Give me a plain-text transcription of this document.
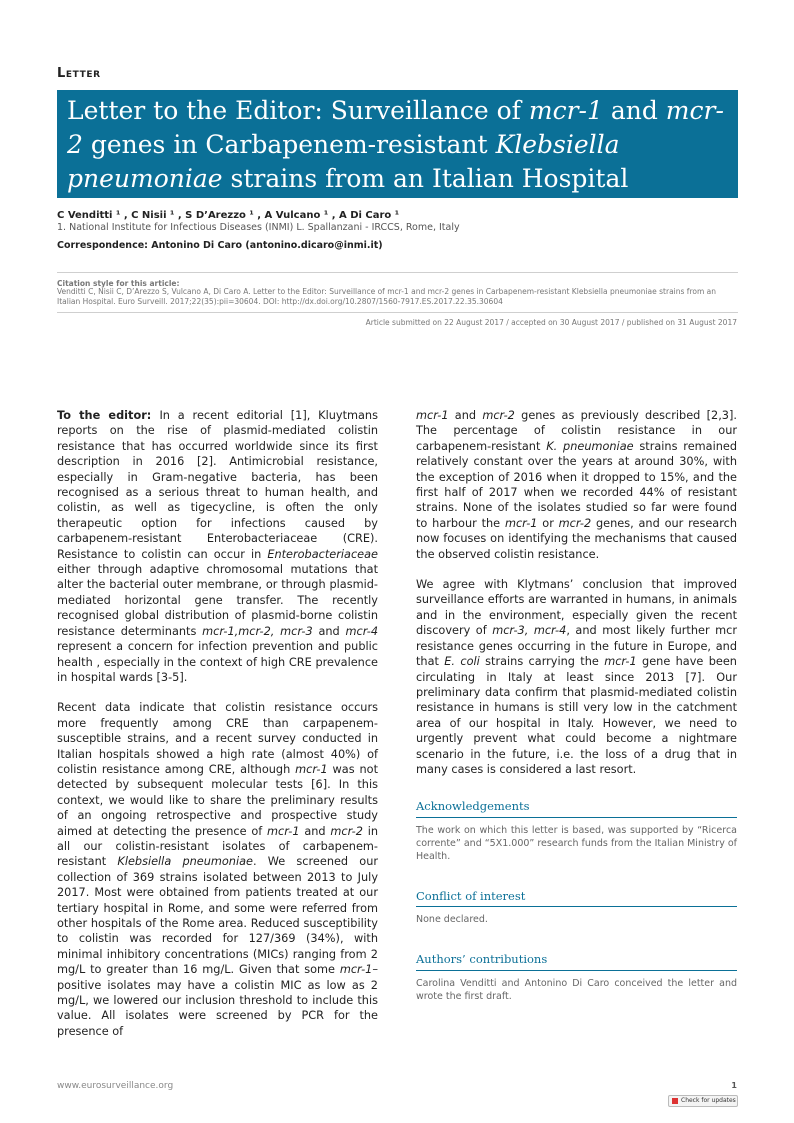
Letter
Letter to the Editor: Surveillance of mcr-1 and mcr-2 genes in Carbapenem-resistant Klebsiella pneumoniae strains from an Italian Hospital
C Venditti ¹ , C Nisii ¹ , S D’Arezzo ¹ , A Vulcano ¹ , A Di Caro ¹
1. National Institute for Infectious Diseases (INMI) L. Spallanzani - IRCCS, Rome, Italy
Correspondence: Antonino Di Caro (antonino.dicaro@inmi.it)
Citation style for this article:
Venditti C, Nisii C, D’Arezzo S, Vulcano A, Di Caro A. Letter to the Editor: Surveillance of mcr-1 and mcr-2 genes in Carbapenem-resistant Klebsiella pneumoniae strains from an Italian Hospital. Euro Surveill. 2017;22(35):pii=30604. DOI: http://dx.doi.org/10.2807/1560-7917.ES.2017.22.35.30604
Article submitted on 22 August 2017 / accepted on 30 August 2017 / published on 31 August 2017

To the editor: In a recent editorial [1], Kluytmans reports on the rise of plasmid-mediated colistin resistance that has occurred worldwide since its first description in 2016 [2]. Antimicrobial resistance, especially in Gram-negative bacteria, has been recognised as a serious threat to human health, and colistin, as well as tigecycline, is often the only therapeutic option for infections caused by carbapenem-resistant Enterobacteriaceae (CRE). Resistance to colistin can occur in Enterobacteriaceae either through adaptive chromosomal mutations that alter the bacterial outer membrane, or through plasmid-mediated horizontal gene transfer. The recently recognised global distribution of plasmid-borne colistin resistance determinants mcr-1,mcr-2, mcr-3 and mcr-4 represent a concern for infection prevention and public health , especially in the context of high CRE prevalence in hospital wards [3-5].

Recent data indicate that colistin resistance occurs more frequently among CRE than carpapenem-susceptible strains, and a recent survey conducted in Italian hospitals showed a high rate (almost 40%) of colistin resistance among CRE, although mcr-1 was not detected by subsequent molecular tests [6]. In this context, we would like to share the preliminary results of an ongoing retrospective and prospective study aimed at detecting the presence of mcr-1 and mcr-2 in all our colistin-resistant isolates of carbapenem-resistant Klebsiella pneumoniae. We screened our collection of 369 strains isolated between 2013 to July 2017. Most were obtained from patients treated at our tertiary hospital in Rome, and some were referred from other hospitals of the Rome area. Reduced susceptibility to colistin was recorded for 127/369 (34%), with minimal inhibitory concentrations (MICs) ranging from 2 mg/L to greater than 16 mg/L. Given that some mcr-1–positive isolates may have a colistin MIC as low as 2 mg/L, we lowered our inclusion threshold to include this value. All isolates were screened by PCR for the presence of

mcr-1 and mcr-2 genes as previously described [2,3]. The percentage of colistin resistance in our carbapenem-resistant K. pneumoniae strains remained relatively constant over the years at around 30%, with the exception of 2016 when it dropped to 15%, and the first half of 2017 when we recorded 44% of resistant strains. None of the isolates studied so far were found to harbour the mcr-1 or mcr-2 genes, and our research now focuses on identifying the mechanisms that caused the observed colistin resistance.

We agree with Klytmans’ conclusion that improved surveillance efforts are warranted in humans, in animals and in the environment, especially given the recent discovery of mcr-3, mcr-4, and most likely further mcr resistance genes occurring in the future in Europe, and that E. coli strains carrying the mcr-1 gene have been circulating in Italy at least since 2013 [7]. Our preliminary data confirm that plasmid-mediated colistin resistance in humans is still very low in the catchment area of our hospital in Italy. However, we need to urgently prevent what could become a nightmare scenario in the future, i.e. the loss of a drug that in many cases is considered a last resort.

Acknowledgements
The work on which this letter is based, was supported by “Ricerca corrente” and “5X1.000” research funds from the Italian Ministry of Health.
Conflict of interest
None declared.
Authors’ contributions
Carolina Venditti and Antonino Di Caro conceived the letter and wrote the first draft.
www.eurosurveillance.org	1
Check for updates
